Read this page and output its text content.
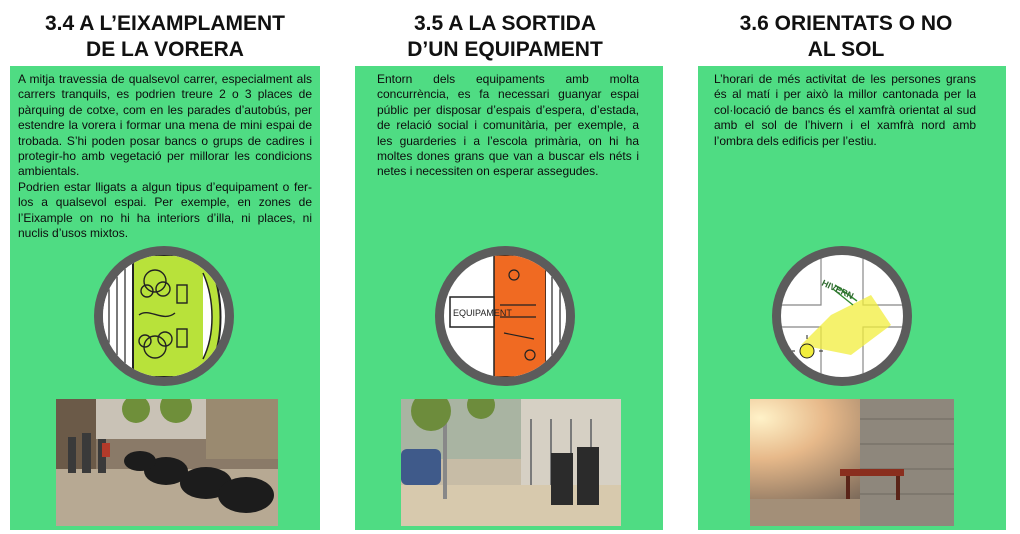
3.4 A L’EIXAMPLAMENT
DE LA VORERA

A mitja travessia de qualsevol carrer, especialment als carrers tranquils, es podrien treure 2 o 3 places de pàrquing de cotxe, com en les parades d’autobús, per estendre la vorera i formar una mena de mini espai de trobada. S’hi poden posar bancs o grups de cadires i protegir-ho amb vegetació per millorar les condicions ambientals.

Podrien estar lligats a algun tipus d’equipament o fer-los a qualsevol espai. Per exemple, en zones de l’Eixample on no hi ha interiors d’illa, ni places, ni nuclis d’usos mixtos.

3.5 A LA SORTIDA
D’UN EQUIPAMENT

Entorn dels equipaments amb molta concurrència, es fa necessari guanyar espai públic per disposar d’espais d’espera, d’estada, de relació social i comunitària, per exemple, a les guarderies i a l’escola primària, on hi ha moltes dones grans que van a buscar els néts i netes i necessiten on esperar assegudes.

EQUIPAMENT
3.6 ORIENTATS O NO
AL SOL

L’horari de més activitat de les persones grans és al matí i per això la millor cantonada per la col·locació de bancs és el xamfrà orientat al sud amb el sol de l’hivern i el xamfrà nord amb l’ombra dels edificis per l’estiu.

HIVERN
